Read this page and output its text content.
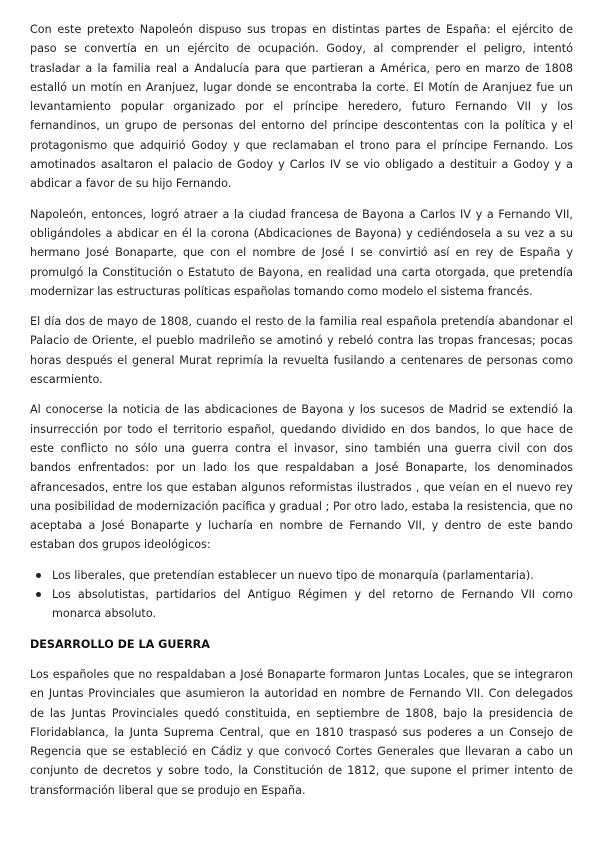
Con este pretexto Napoleón dispuso sus tropas en distintas partes de España: el ejército de paso se convertía en un ejército de ocupación. Godoy, al comprender el peligro, intentó trasladar a la familia real a Andalucía para que partieran a América, pero en marzo de 1808 estalló un motín en Aranjuez, lugar donde se encontraba la corte. El Motín de Aranjuez fue un levantamiento popular organizado por el príncipe heredero, futuro Fernando VII y los fernandinos, un grupo de personas del entorno del príncipe descontentas con la política y el protagonismo que adquirió Godoy y que reclamaban el trono para el príncipe Fernando. Los amotinados asaltaron el palacio de Godoy y Carlos IV se vio obligado a destituir a Godoy y a abdicar a favor de su hijo Fernando.

Napoleón, entonces, logró atraer a la ciudad francesa de Bayona a Carlos IV y a Fernando VII, obligándoles a abdicar en él la corona (Abdicaciones de Bayona) y cediéndosela a su vez a su hermano José Bonaparte, que con el nombre de José I se convirtió así en rey de España y promulgó la Constitución o Estatuto de Bayona, en realidad una carta otorgada, que pretendía modernizar las estructuras políticas españolas tomando como modelo el sistema francés.

El día dos de mayo de 1808, cuando el resto de la familia real española pretendía abandonar el Palacio de Oriente, el pueblo madrileño se amotinó y rebeló contra las tropas francesas; pocas horas después el general Murat reprimía la revuelta fusilando a centenares de personas como escarmiento.

Al conocerse la noticia de las abdicaciones de Bayona y los sucesos de Madrid se extendió la insurrección por todo el territorio español, quedando dividido en dos bandos, lo que hace de este conflicto no sólo una guerra contra el invasor, sino también una guerra civil con dos bandos enfrentados: por un lado los que respaldaban a José Bonaparte, los denominados afrancesados, entre los que estaban algunos reformistas ilustrados , que veían en el nuevo rey una posibilidad de modernización pacífica y gradual ; Por otro lado, estaba la resistencia, que no aceptaba a José Bonaparte y lucharía en nombre de Fernando VII, y dentro de este bando estaban dos grupos ideológicos:

Los liberales, que pretendían establecer un nuevo tipo de monarquía (parlamentaria).
Los absolutistas, partidarios del Antiguo Régimen y del retorno de Fernando VII como monarca absoluto.
DESARROLLO DE LA GUERRA

Los españoles que no respaldaban a José Bonaparte formaron Juntas Locales, que se integraron en Juntas Provinciales que asumieron la autoridad en nombre de Fernando VII. Con delegados de las Juntas Provinciales quedó constituida, en septiembre de 1808, bajo la presidencia de Floridablanca, la Junta Suprema Central, que en 1810 traspasó sus poderes a un Consejo de Regencia que se estableció en Cádiz y que convocó Cortes Generales que llevaran a cabo un conjunto de decretos y sobre todo, la Constitución de 1812, que supone el primer intento de transformación liberal que se produjo en España.
